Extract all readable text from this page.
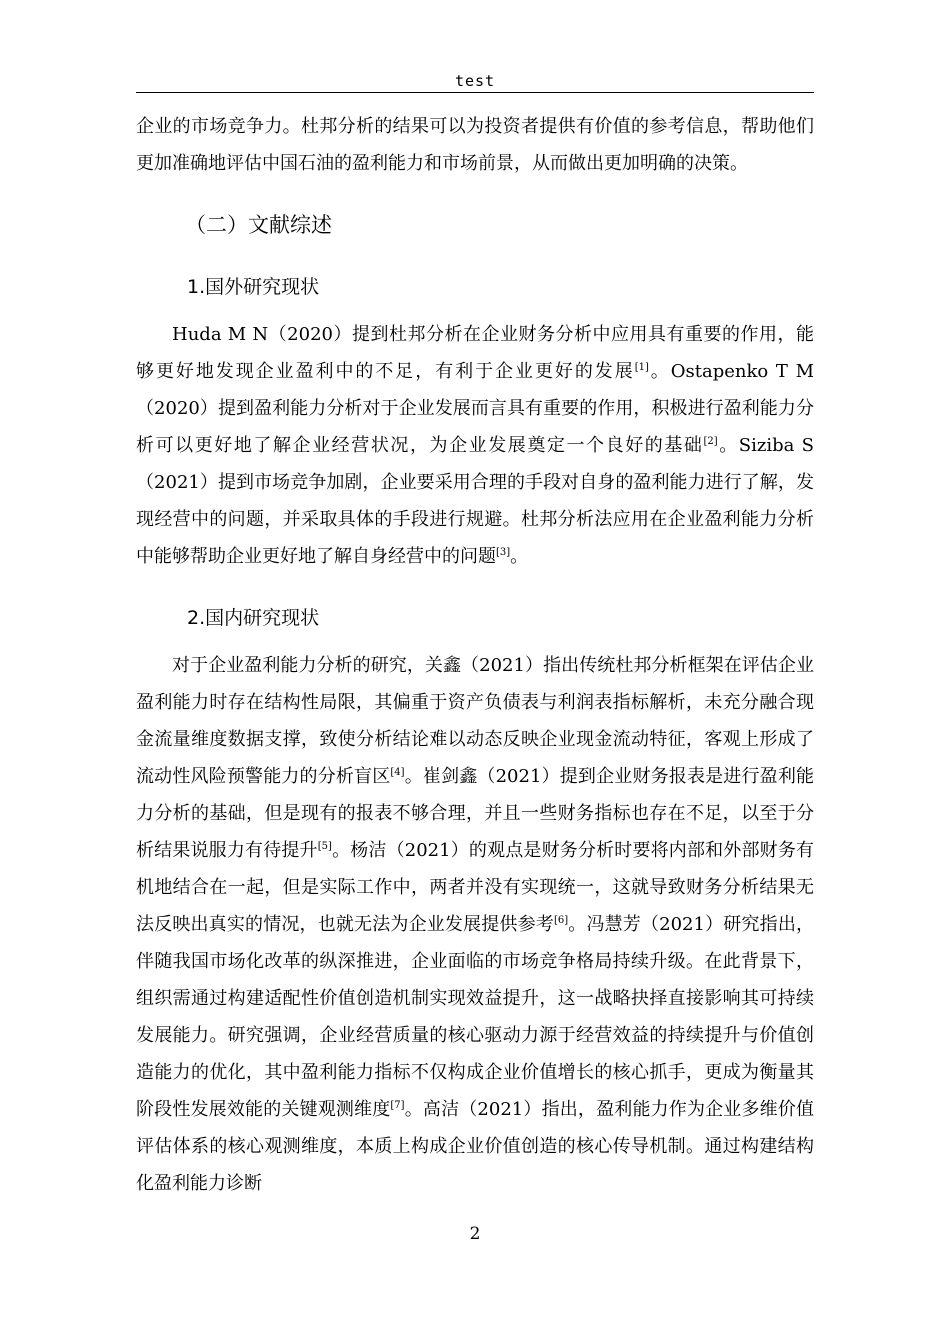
test

企业的市场竞争力。杜邦分析的结果可以为投资者提供有价值的参考信息，帮助他们更加准确地评估中国石油的盈利能力和市场前景，从而做出更加明确的决策。

（二）文献综述
1.国外研究现状

Huda M N（2020）提到杜邦分析在企业财务分析中应用具有重要的作用，能够更好地发现企业盈利中的不足，有利于企业更好的发展[1]。Ostapenko T M（2020）提到盈利能力分析对于企业发展而言具有重要的作用，积极进行盈利能力分析可以更好地了解企业经营状况，为企业发展奠定一个良好的基础[2]。Siziba S（2021）提到市场竞争加剧，企业要采用合理的手段对自身的盈利能力进行了解，发现经营中的问题，并采取具体的手段进行规避。杜邦分析法应用在企业盈利能力分析中能够帮助企业更好地了解自身经营中的问题[3]。

2.国内研究现状

对于企业盈利能力分析的研究，关鑫（2021）指出传统杜邦分析框架在评估企业盈利能力时存在结构性局限，其偏重于资产负债表与利润表指标解析，未充分融合现金流量维度数据支撑，致使分析结论难以动态反映企业现金流动特征，客观上形成了流动性风险预警能力的分析盲区[4]。崔剑鑫（2021）提到企业财务报表是进行盈利能力分析的基础，但是现有的报表不够合理，并且一些财务指标也存在不足，以至于分析结果说服力有待提升[5]。杨洁（2021）的观点是财务分析时要将内部和外部财务有机地结合在一起，但是实际工作中，两者并没有实现统一，这就导致财务分析结果无法反映出真实的情况，也就无法为企业发展提供参考[6]。冯慧芳（2021）研究指出，伴随我国市场化改革的纵深推进，企业面临的市场竞争格局持续升级。在此背景下，组织需通过构建适配性价值创造机制实现效益提升，这一战略抉择直接影响其可持续发展能力。研究强调，企业经营质量的核心驱动力源于经营效益的持续提升与价值创造能力的优化，其中盈利能力指标不仅构成企业价值增长的核心抓手，更成为衡量其阶段性发展效能的关键观测维度[7]。高洁（2021）指出，盈利能力作为企业多维价值评估体系的核心观测维度，本质上构成企业价值创造的核心传导机制。通过构建结构化盈利能力诊断

2
